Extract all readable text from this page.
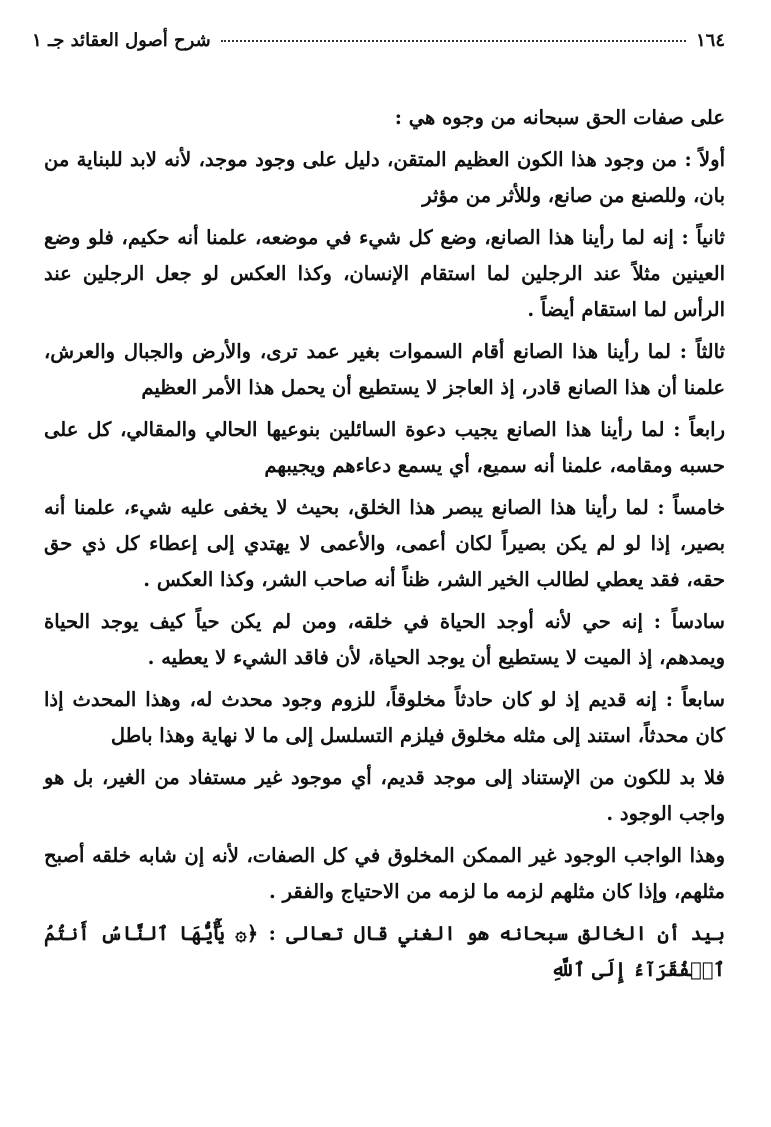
١٦٤
شرح أصول العقائد جـ ١

على صفات الحق سبحانه من وجوه هي :

أولاً : من وجود هذا الكون العظيم المتقن، دليل على وجود موجد، لأنه لابد للبناية من بان، وللصنع من صانع، وللأثر من مؤثر

ثانياً : إنه لما رأينا هذا الصانع، وضع كل شيء في موضعه، علمنا أنه حكيم، فلو وضع العينين مثلاً عند الرجلين لما استقام الإنسان، وكذا العكس لو جعل الرجلين عند الرأس لما استقام أيضاً .

ثالثاً : لما رأينا هذا الصانع أقام السموات بغير عمد ترى، والأرض والجبال والعرش، علمنا أن هذا الصانع قادر، إذ العاجز لا يستطيع أن يحمل هذا الأمر العظيم

رابعاً : لما رأينا هذا الصانع يجيب دعوة السائلين بنوعيها الحالي والمقالي، كل على حسبه ومقامه، علمنا أنه سميع، أي يسمع دعاءهم ويجيبهم

خامساً : لما رأينا هذا الصانع يبصر هذا الخلق، بحيث لا يخفى عليه شيء، علمنا أنه بصير، إذا لو لم يكن بصيراً لكان أعمى، والأعمى لا يهتدي إلى إعطاء كل ذي حق حقه، فقد يعطي لطالب الخير الشر، ظناً أنه صاحب الشر، وكذا العكس .

سادساً : إنه حي لأنه أوجد الحياة في خلقه، ومن لم يكن حياً كيف يوجد الحياة ويمدهم، إذ الميت لا يستطيع أن يوجد الحياة، لأن فاقد الشيء لا يعطيه .

سابعاً : إنه قديم إذ لو كان حادثاً مخلوقاً، للزوم وجود محدث له، وهذا المحدث إذا كان محدثاً، استند إلى مثله مخلوق فيلزم التسلسل إلى ما لا نهاية وهذا باطل

فلا بد للكون من الإستناد إلى موجد قديم، أي موجود غير مستفاد من الغير، بل هو واجب الوجود .

وهذا الواجب الوجود غير الممكن المخلوق في كل الصفات، لأنه إن شابه خلقه أصبح مثلهم، وإذا كان مثلهم لزمه ما لزمه من الاحتياج والفقر .

بيد أن الخالق سبحانه هو الغني قال تعالى : ﴿۞ يَٰٓأَيُّهَا ٱلنَّاسُ أَنتُمُ ٱلۡفُقَرَآءُ إِلَى ٱللَّهِ
